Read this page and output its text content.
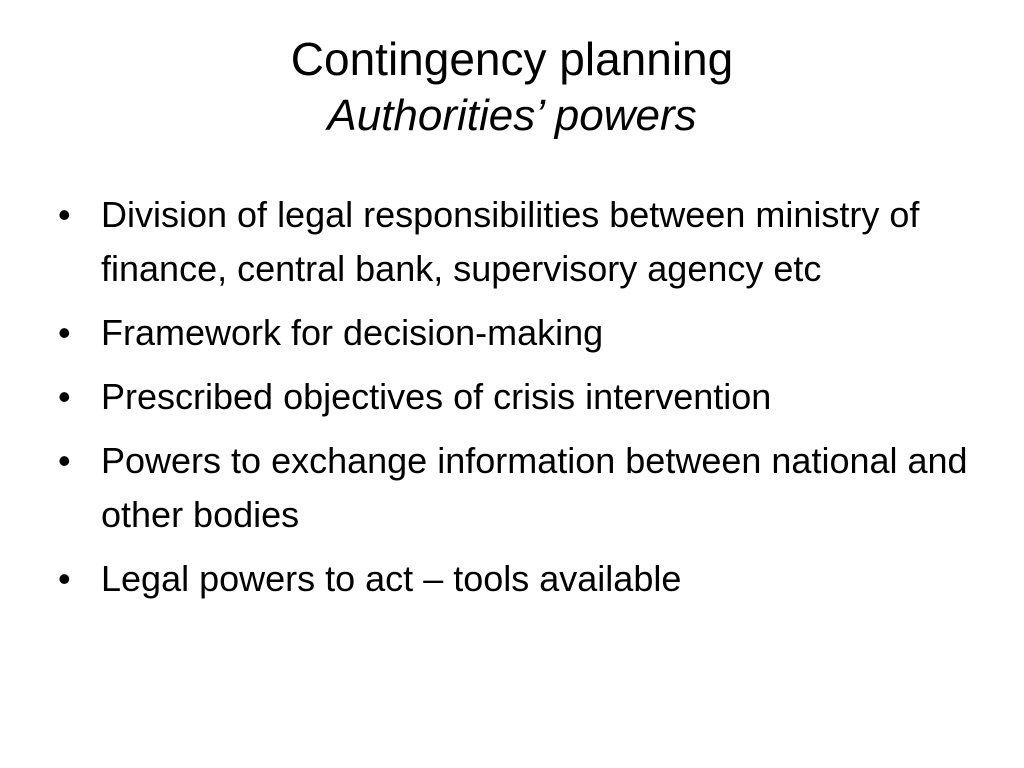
Contingency planning
Authorities’ powers
• Division of legal responsibilities between ministry of finance, central bank, supervisory agency etc
• Framework for decision-making
• Prescribed objectives of crisis intervention
• Powers to exchange information between national and other bodies
• Legal powers to act – tools available
